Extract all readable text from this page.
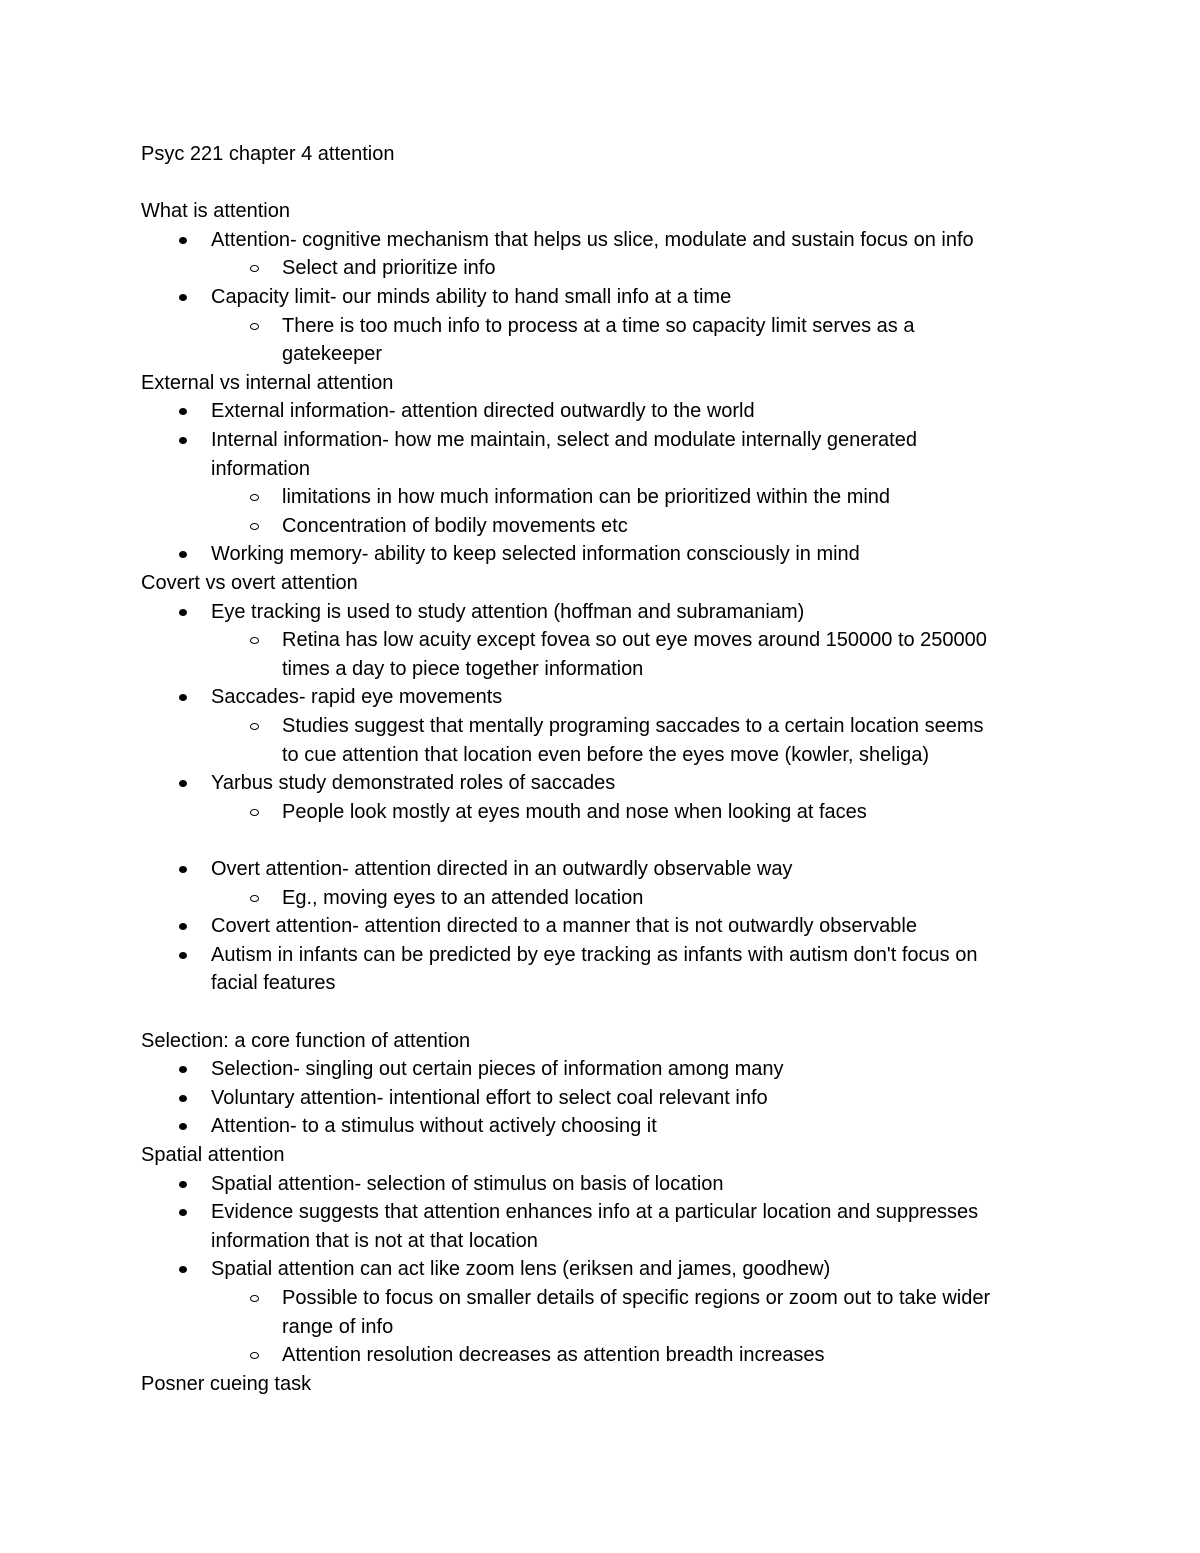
Psyc 221 chapter 4 attention
What is attention
Attention- cognitive mechanism that helps us slice, modulate and sustain focus on info
Select and prioritize info
Capacity limit- our minds ability to hand small info at a time
There is too much info to process at a time so capacity limit serves as a
gatekeeper
External vs internal attention
External information- attention directed outwardly to the world
Internal information- how me maintain, select and modulate internally generated
information
limitations in how much information can be prioritized within the mind
Concentration of bodily movements etc
Working memory- ability to keep selected information consciously in mind
Covert vs overt attention
Eye tracking is used to study attention (hoffman and subramaniam)
Retina has low acuity except fovea so out eye moves around 150000 to 250000
times a day to piece together information
Saccades- rapid eye movements
Studies suggest that mentally programing saccades to a certain location seems
to cue attention that location even before the eyes move (kowler, sheliga)
Yarbus study demonstrated roles of saccades
People look mostly at eyes mouth and nose when looking at faces
Overt attention- attention directed in an outwardly observable way
Eg., moving eyes to an attended location
Covert attention- attention directed to a manner that is not outwardly observable
Autism in infants can be predicted by eye tracking as infants with autism don't focus on
facial features
Selection: a core function of attention
Selection- singling out certain pieces of information among many
Voluntary attention- intentional effort to select coal relevant info
Attention- to a stimulus without actively choosing it
Spatial attention
Spatial attention- selection of stimulus on basis of location
Evidence suggests that attention enhances info at a particular location and suppresses
information that is not at that location
Spatial attention can act like zoom lens (eriksen and james, goodhew)
Possible to focus on smaller details of specific regions or zoom out to take wider
range of info
Attention resolution decreases as attention breadth increases
Posner cueing task
